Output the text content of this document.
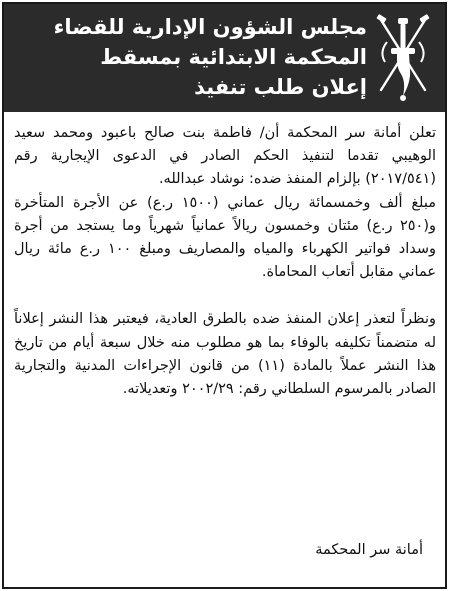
مجلس الشؤون الإدارية للقضاء
المحكمة الابتدائية بمسقط
إعلان طلب تنفيذ

تعلن أمانة سر المحكمة أن/ فاطمة بنت صالح باعبود ومحمد سعيد الوهيبي تقدما لتنفيذ الحكم الصادر في الدعوى الإيجارية رقم (٢٠١٧/٥٤١) بإلزام المنفذ ضده: نوشاد عبدالله.

مبلغ ألف وخمسمائة ريال عماني (١٥٠٠ ر.ع) عن الأجرة المتأخرة و(٢٥٠ ر.ع) مئتان وخمسون ريالاً عمانياً شهرياً وما يستجد من أجرة وسداد فواتير الكهرباء والمياه والمصاريف ومبلغ ١٠٠ ر.ع مائة ريال عماني مقابل أتعاب المحاماة.

ونظراً لتعذر إعلان المنفذ ضده بالطرق العادية، فيعتبر هذا النشر إعلاناً له متضمناً تكليفه بالوفاء بما هو مطلوب منه خلال سبعة أيام من تاريخ هذا النشر عملاً بالمادة (١١) من قانون الإجراءات المدنية والتجارية الصادر بالمرسوم السلطاني رقم: ٢٠٠٢/٢٩ وتعديلاته.

أمانة سر المحكمة
